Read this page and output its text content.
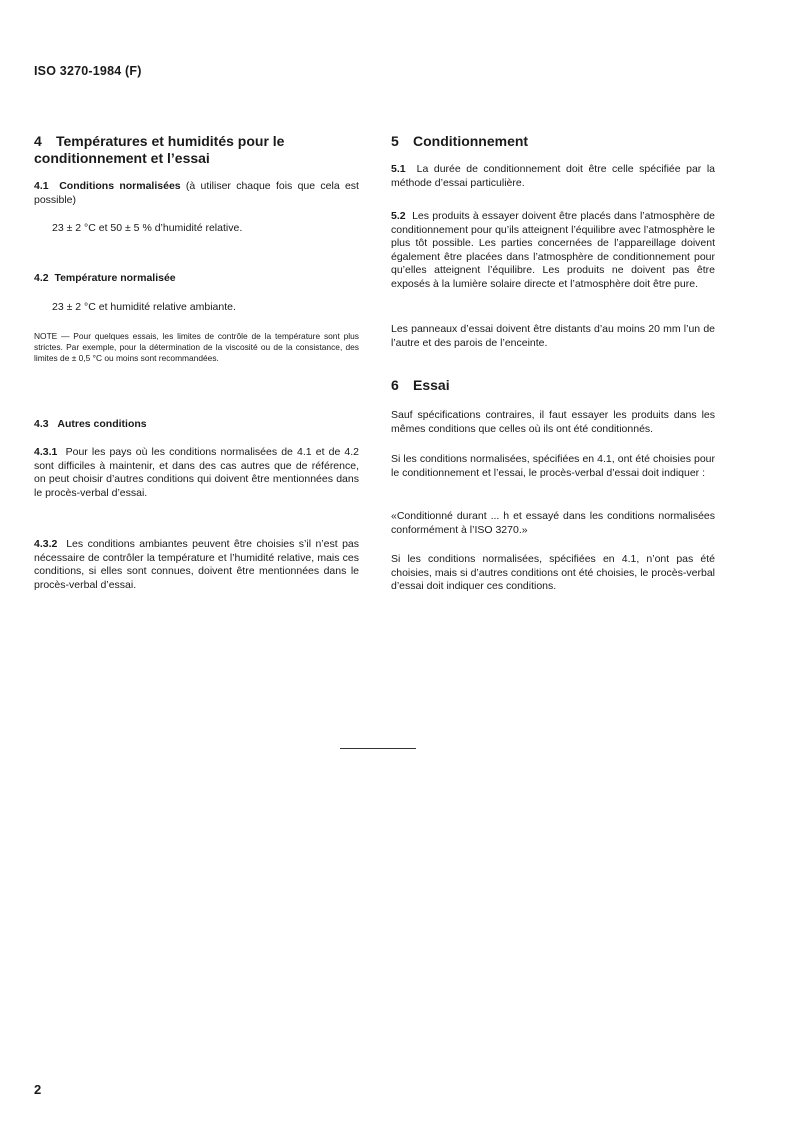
ISO 3270-1984 (F)
4 Températures et humidités pour le conditionnement et l’essai

4.1 Conditions normalisées (à utiliser chaque fois que cela est possible)

23 ± 2 °C et 50 ± 5 % d’humidité relative.

4.2 Température normalisée

23 ± 2 °C et humidité relative ambiante.

NOTE — Pour quelques essais, les limites de contrôle de la température sont plus strictes. Par exemple, pour la détermination de la viscosité ou de la consistance, des limites de ± 0,5 °C ou moins sont recommandées.

4.3 Autres conditions

4.3.1 Pour les pays où les conditions normalisées de 4.1 et de 4.2 sont difficiles à maintenir, et dans des cas autres que de référence, on peut choisir d’autres conditions qui doivent être mentionnées dans le procès-verbal d’essai.

4.3.2 Les conditions ambiantes peuvent être choisies s’il n’est pas nécessaire de contrôler la température et l’humidité relative, mais ces conditions, si elles sont connues, doivent être mentionnées dans le procès-verbal d’essai.

5 Conditionnement

5.1 La durée de conditionnement doit être celle spécifiée par la méthode d’essai particulière.

5.2 Les produits à essayer doivent être placés dans l’atmosphère de conditionnement pour qu’ils atteignent l’équilibre avec l’atmosphère le plus tôt possible. Les parties concernées de l’appareillage doivent également être placées dans l’atmosphère de conditionnement pour qu’elles atteignent l’équilibre. Les produits ne doivent pas être exposés à la lumière solaire directe et l’atmosphère doit être pure.

Les panneaux d’essai doivent être distants d’au moins 20 mm l’un de l’autre et des parois de l’enceinte.

6 Essai

Sauf spécifications contraires, il faut essayer les produits dans les mêmes conditions que celles où ils ont été conditionnés.

Si les conditions normalisées, spécifiées en 4.1, ont été choisies pour le conditionnement et l’essai, le procès-verbal d’essai doit indiquer :

«Conditionné durant ... h et essayé dans les conditions normalisées conformément à l’ISO 3270.»

Si les conditions normalisées, spécifiées en 4.1, n’ont pas été choisies, mais si d’autres conditions ont été choisies, le procès-verbal d’essai doit indiquer ces conditions.

2
